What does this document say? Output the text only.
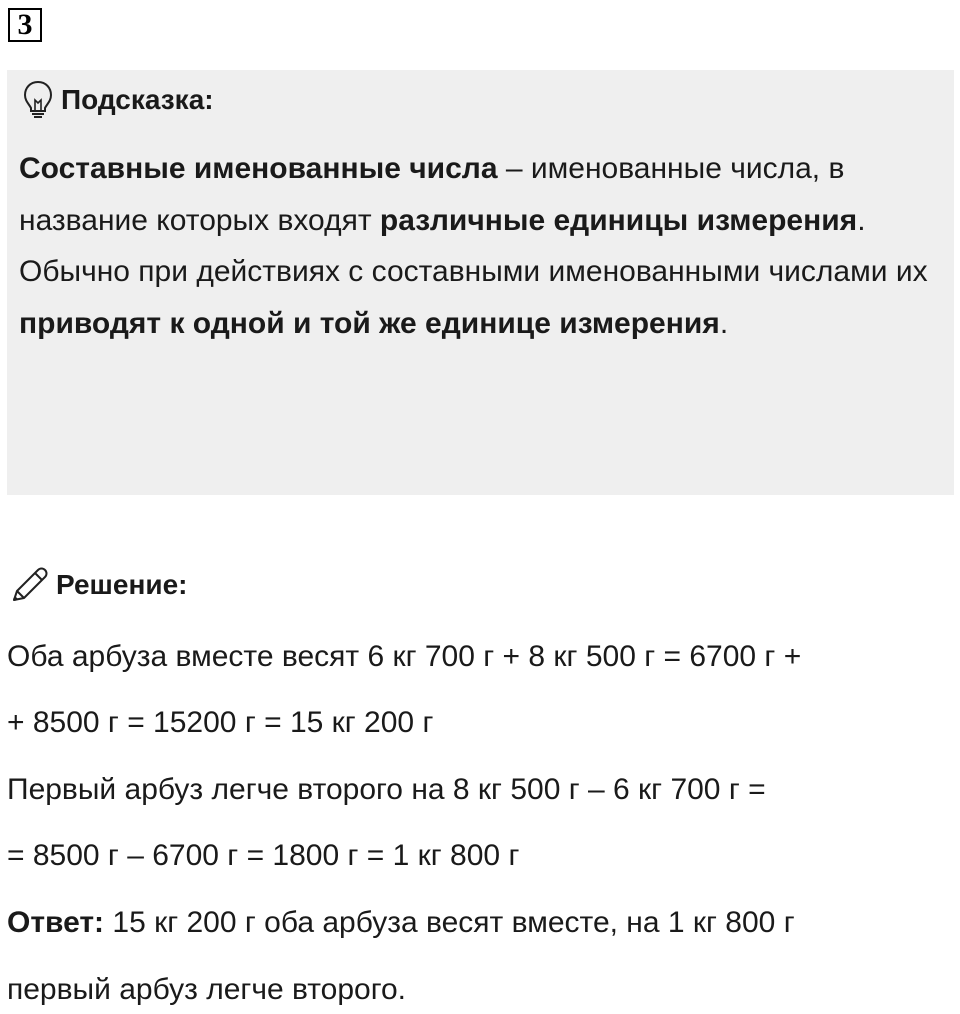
3
Подсказка:

Составные именованные числа – именованные числа, в название которых входят различные единицы измерения.

Обычно при действиях с составными именованными числами их приводят к одной и той же единице измерения.

Решение:
Оба арбуза вместе весят 6 кг 700 г + 8 кг 500 г = 6700 г +
+ 8500 г = 15200 г = 15 кг 200 г
Первый арбуз легче второго на 8 кг 500 г – 6 кг 700 г =
= 8500 г – 6700 г = 1800 г = 1 кг 800 г
Ответ: 15 кг 200 г оба арбуза весят вместе, на 1 кг 800 г
первый арбуз легче второго.
